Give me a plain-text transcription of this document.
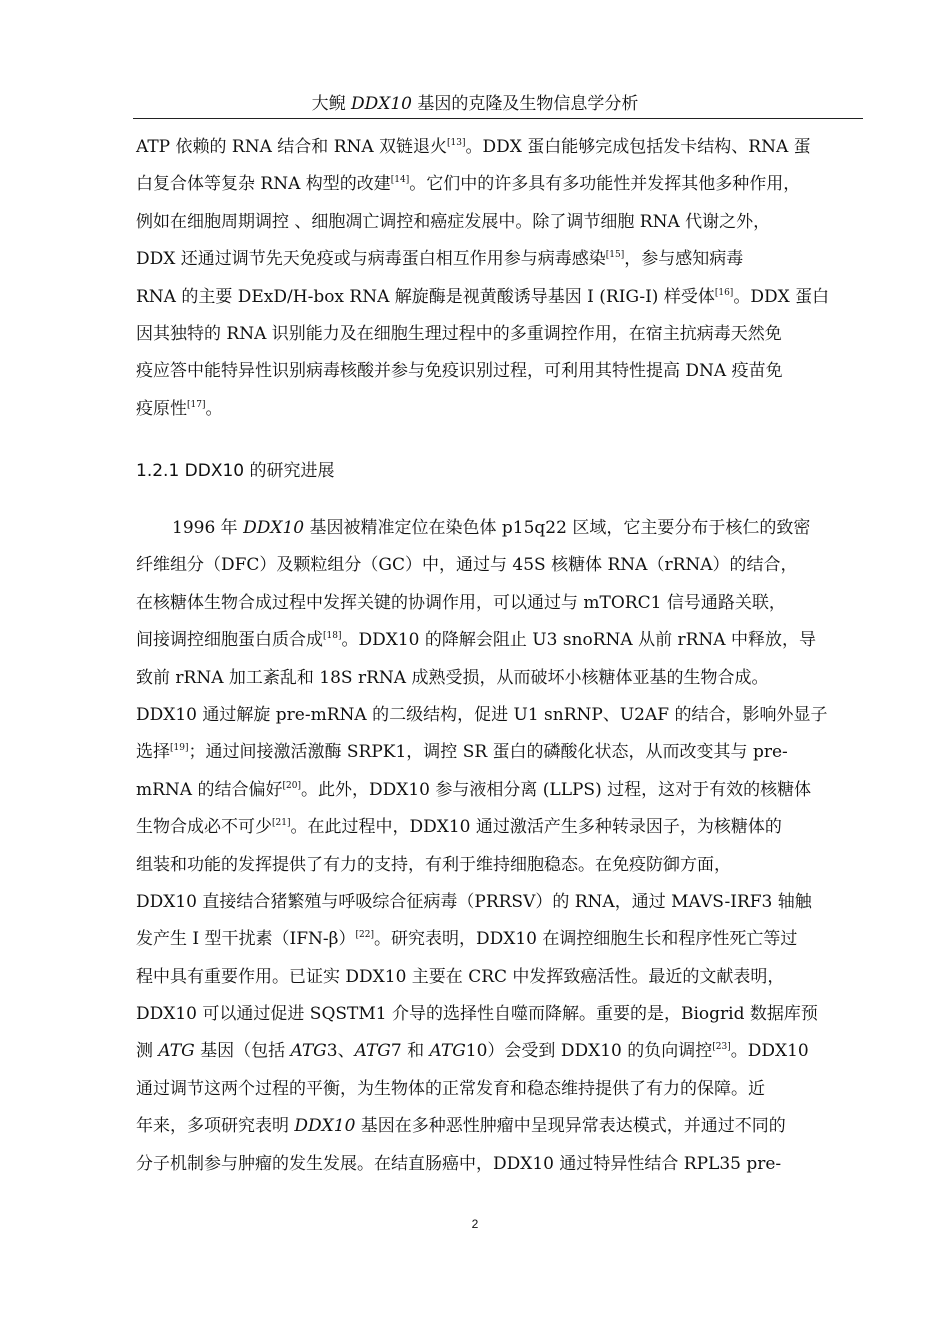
大鲵 DDX10 基因的克隆及生物信息学分析
ATP 依赖的 RNA 结合和 RNA 双链退火[13]。DDX 蛋白能够完成包括发卡结构、RNA 蛋
白复合体等复杂 RNA 构型的改建[14]。它们中的许多具有多功能性并发挥其他多种作用，
例如在细胞周期调控 、细胞凋亡调控和癌症发展中。除了调节细胞 RNA 代谢之外，
DDX 还通过调节先天免疫或与病毒蛋白相互作用参与病毒感染[15]，参与感知病毒
RNA 的主要 DExD/H-box RNA 解旋酶是视黄酸诱导基因 I (RIG-I) 样受体[16]。DDX 蛋白
因其独特的 RNA 识别能力及在细胞生理过程中的多重调控作用，在宿主抗病毒天然免
疫应答中能特异性识别病毒核酸并参与免疫识别过程，可利用其特性提高 DNA 疫苗免
疫原性[17]。
1.2.1 DDX10 的研究进展
1996 年 DDX10 基因被精准定位在染色体 p15q22 区域，它主要分布于核仁的致密
纤维组分（DFC）及颗粒组分（GC）中，通过与 45S 核糖体 RNA（rRNA）的结合，
在核糖体生物合成过程中发挥关键的协调作用，可以通过与 mTORC1 信号通路关联，
间接调控细胞蛋白质合成[18]。DDX10 的降解会阻止 U3 snoRNA 从前 rRNA 中释放，导
致前 rRNA 加工紊乱和 18S rRNA 成熟受损，从而破坏小核糖体亚基的生物合成。
DDX10 通过解旋 pre-mRNA 的二级结构，促进 U1 snRNP、U2AF 的结合，影响外显子
选择[19]；通过间接激活激酶 SRPK1，调控 SR 蛋白的磷酸化状态，从而改变其与 pre-
mRNA 的结合偏好[20]。此外，DDX10 参与液相分离 (LLPS) 过程，这对于有效的核糖体
生物合成必不可少[21]。在此过程中，DDX10 通过激活产生多种转录因子，为核糖体的
组装和功能的发挥提供了有力的支持，有利于维持细胞稳态。在免疫防御方面，
DDX10 直接结合猪繁殖与呼吸综合征病毒（PRRSV）的 RNA，通过 MAVS-IRF3 轴触
发产生 I 型干扰素（IFN-β）[22]。研究表明，DDX10 在调控细胞生长和程序性死亡等过
程中具有重要作用。已证实 DDX10 主要在 CRC 中发挥致癌活性。最近的文献表明，
DDX10 可以通过促进 SQSTM1 介导的选择性自噬而降解。重要的是，Biogrid 数据库预
测 ATG 基因（包括 ATG3、ATG7 和 ATG10）会受到 DDX10 的负向调控[23]。DDX10
通过调节这两个过程的平衡，为生物体的正常发育和稳态维持提供了有力的保障。近
年来，多项研究表明 DDX10 基因在多种恶性肿瘤中呈现异常表达模式，并通过不同的
分子机制参与肿瘤的发生发展。在结直肠癌中，DDX10 通过特异性结合 RPL35 pre-
2
